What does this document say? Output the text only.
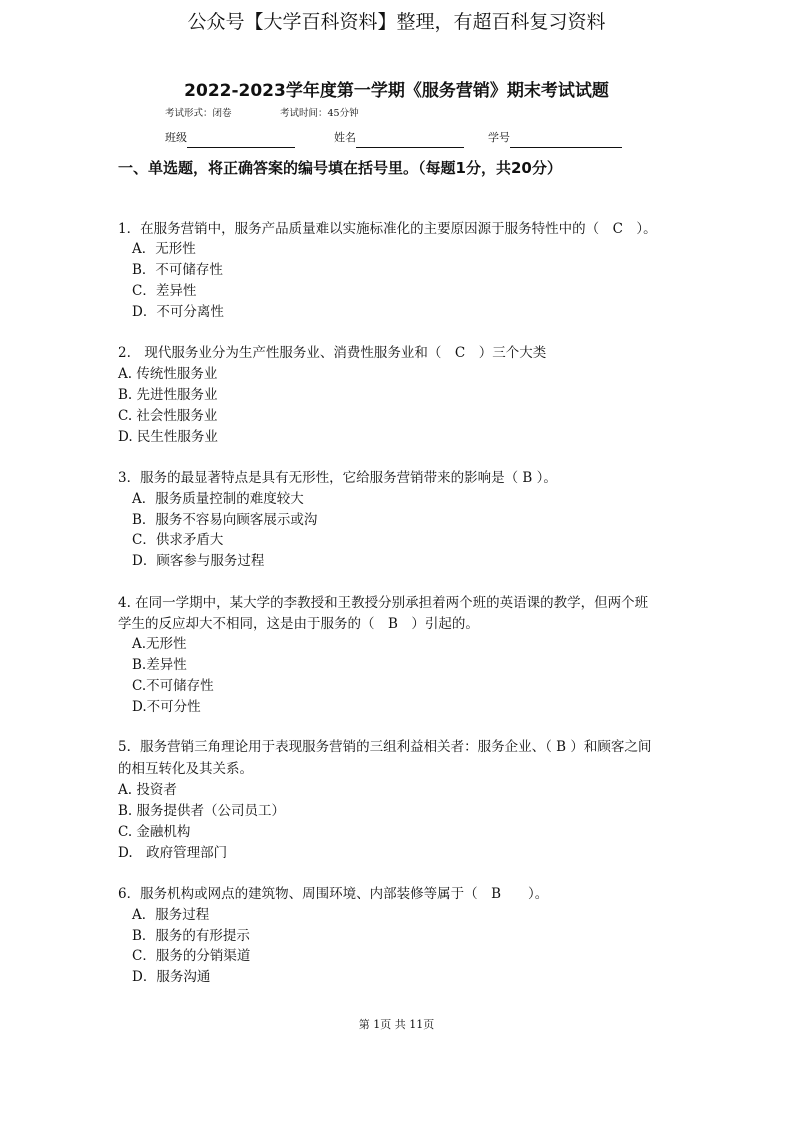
公众号【大学百科资料】整理，有超百科复习资料
2022-2023学年度第一学期《服务营销》期末考试试题
考试形式：闭卷	考试时间：45分钟
班级	姓名	学号
一、单选题，将正确答案的编号填在括号里。（每题1分，共20分）
1．在服务营销中，服务产品质量难以实施标准化的主要原因源于服务特性中的（　C　）。
A．无形性
B．不可储存性
C．差异性
D．不可分离性
2.　现代服务业分为生产性服务业、消费性服务业和（　C　）三个大类
A. 传统性服务业
B. 先进性服务业
C. 社会性服务业
D. 民生性服务业
3．服务的最显著特点是具有无形性，它给服务营销带来的影响是（ B ）。
A．服务质量控制的难度较大
B．服务不容易向顾客展示或沟
C．供求矛盾大
D．顾客参与服务过程
4. 在同一学期中，某大学的李教授和王教授分别承担着两个班的英语课的教学，但两个班
学生的反应却大不相同，这是由于服务的（　B　）引起的。
A.无形性
B.差异性
C.不可储存性
D.不可分性
5．服务营销三角理论用于表现服务营销的三组利益相关者：服务企业、（ B ）和顾客之间
的相互转化及其关系。
A. 投资者
B. 服务提供者（公司员工）
C. 金融机构
D.　政府管理部门
6．服务机构或网点的建筑物、周围环境、内部装修等属于（　B　　）。
A．服务过程
B．服务的有形提示
C．服务的分销渠道
D．服务沟通
第 1页 共 11页
